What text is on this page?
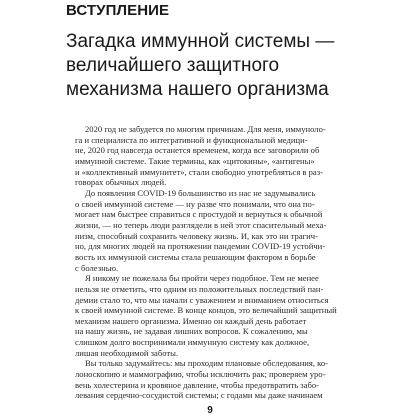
ВСТУПЛЕНИЕ
Загадка иммунной системы —
величайшего защитного
механизма нашего организма

2020 год не забудется по многим причинам. Для меня, иммуноло-
га и специалиста по интегративной и функциональной медици-
не, 2020 год навсегда останется временем, когда все заговорили об
иммунной системе. Такие термины, как «цитокины», «антигены»
и «коллективный иммунитет», стали свободно употребляться в раз-
говорах обычных людей.

До появления COVID-19 большинство из нас не задумывались
о своей иммунной системе — ну разве что понимали, что она по-
могает нам быстрее справиться с простудой и вернуться к обычной
жизни, — но теперь люди разглядели в ней этот спасительный меха-
низм, способный сохранить человеку жизнь. И, как это ни трагич-
но, для многих людей на протяжении пандемии COVID-19 устойчи-
вость их иммунной системы стала решающим фактором в борьбе
с болезнью.

Я никому не пожелала бы пройти через подобное. Тем не менее
нельзя не отметить, что одним из положительных последствий пан-
демии стало то, что мы начали с уважением и вниманием относиться
к своей иммунной системе. В конце концов, это величайший защитный
механизм нашего организма. Именно он каждый день работает
на нашу жизнь, не задавая лишних вопросов. К сожалению, мы
слишком долго воспринимали иммунную систему как должное,
лишая необходимой заботы.

Вы только задумайтесь: мы проходим плановые обследования, ко-
лоноскопию и маммографию, чтобы исключить рак; проверяем уро-
вень холестерина и кровяное давление, чтобы предотвратить забо-
левания сердечно-сосудистой системы; с годами мы даже начинаем

9
